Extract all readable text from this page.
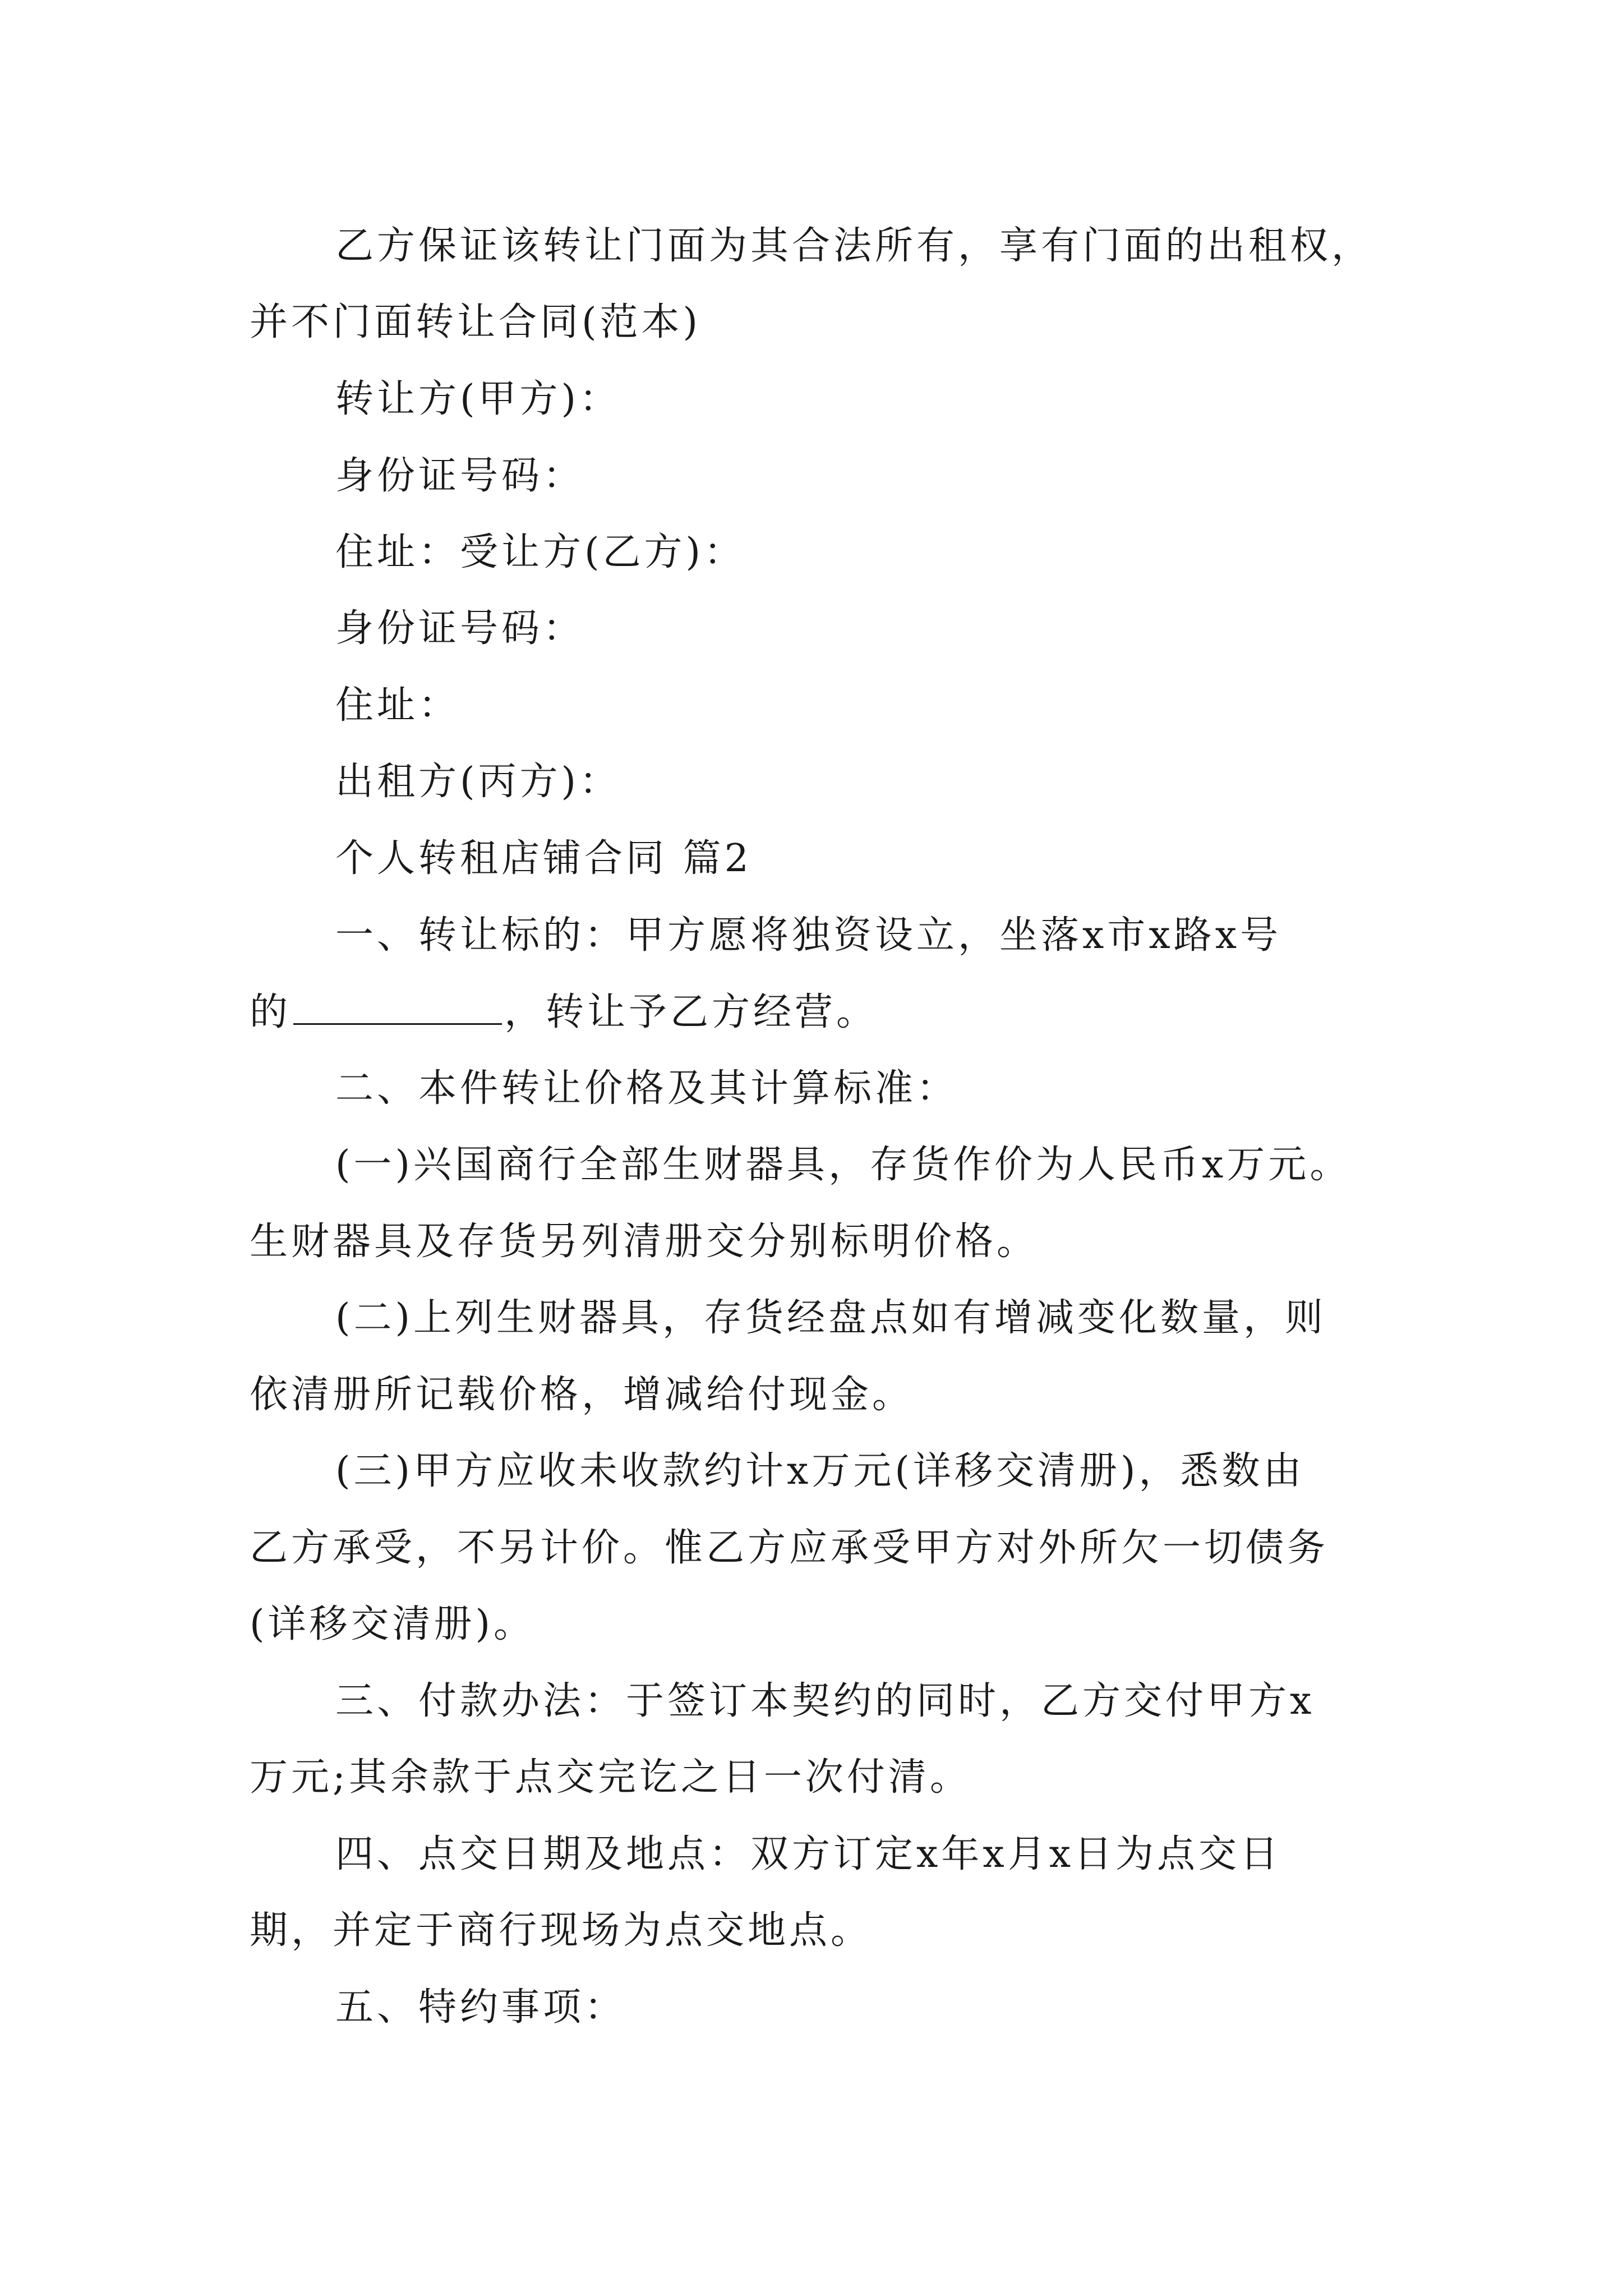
乙方保证该转让门面为其合法所有，享有门面的出租权，
并不门面转让合同(范本)
转让方(甲方)：
身份证号码：
住址：受让方(乙方)：
身份证号码：
住址：
出租方(丙方)：
个人转租店铺合同 篇2
一、转让标的：甲方愿将独资设立，坐落x市x路x号
的	，转让予乙方经营。
二、本件转让价格及其计算标准：
(一)兴国商行全部生财器具，存货作价为人民币x万元。
生财器具及存货另列清册交分别标明价格。
(二)上列生财器具，存货经盘点如有增减变化数量，则
依清册所记载价格，增减给付现金。
(三)甲方应收未收款约计x万元(详移交清册)，悉数由
乙方承受，不另计价。惟乙方应承受甲方对外所欠一切债务
(详移交清册)。
三、付款办法：于签订本契约的同时，乙方交付甲方x
万元;其余款于点交完讫之日一次付清。
四、点交日期及地点：双方订定x年x月x日为点交日
期，并定于商行现场为点交地点。
五、特约事项：
